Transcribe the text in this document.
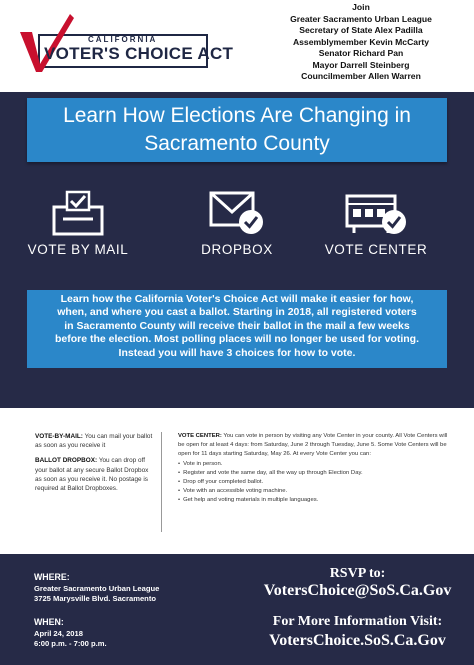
CALIFORNIA
VOTER'S CHOICE ACT
Join
Greater Sacramento Urban League
Secretary of State Alex Padilla
Assemblymember Kevin McCarty
Senator Richard Pan
Mayor Darrell Steinberg
Councilmember Allen Warren
Learn How Elections Are Changing in
Sacramento County
VOTE BY MAIL	DROPBOX	VOTE CENTER
Learn how the California Voter's Choice Act will make it easier for how,
when, and where you cast a ballot. Starting in 2018, all registered voters
in Sacramento County will receive their ballot in the mail a few weeks
before the election. Most polling places will no longer be used for voting.
Instead you will have 3 choices for how to vote.

VOTE-BY-MAIL: You can mail your ballot as soon as you receive it

BALLOT DROPBOX: You can drop off your ballot at any secure Ballot Dropbox as soon as you receive it. No postage is required at Ballot Dropboxes.

VOTE CENTER: You can vote in person by visiting any Vote Center in your county. All Vote Centers will be open for at least 4 days: from Saturday, June 2 through Tuesday, June 5. Some Vote Centers will be open for 11 days starting Saturday, May 26. At every Vote Center you can:
• Vote in person.
• Register and vote the same day, all the way up through Election Day.
• Drop off your completed ballot.
• Vote with an accessible voting machine.
• Get help and voting materials in multiple languages.
WHERE:
Greater Sacramento Urban League
3725 Marysville Blvd. Sacramento
WHEN:
April 24, 2018
6:00 p.m. - 7:00 p.m.
RSVP to:
VotersChoice@SoS.Ca.Gov
For More Information Visit:
VotersChoice.SoS.Ca.Gov
